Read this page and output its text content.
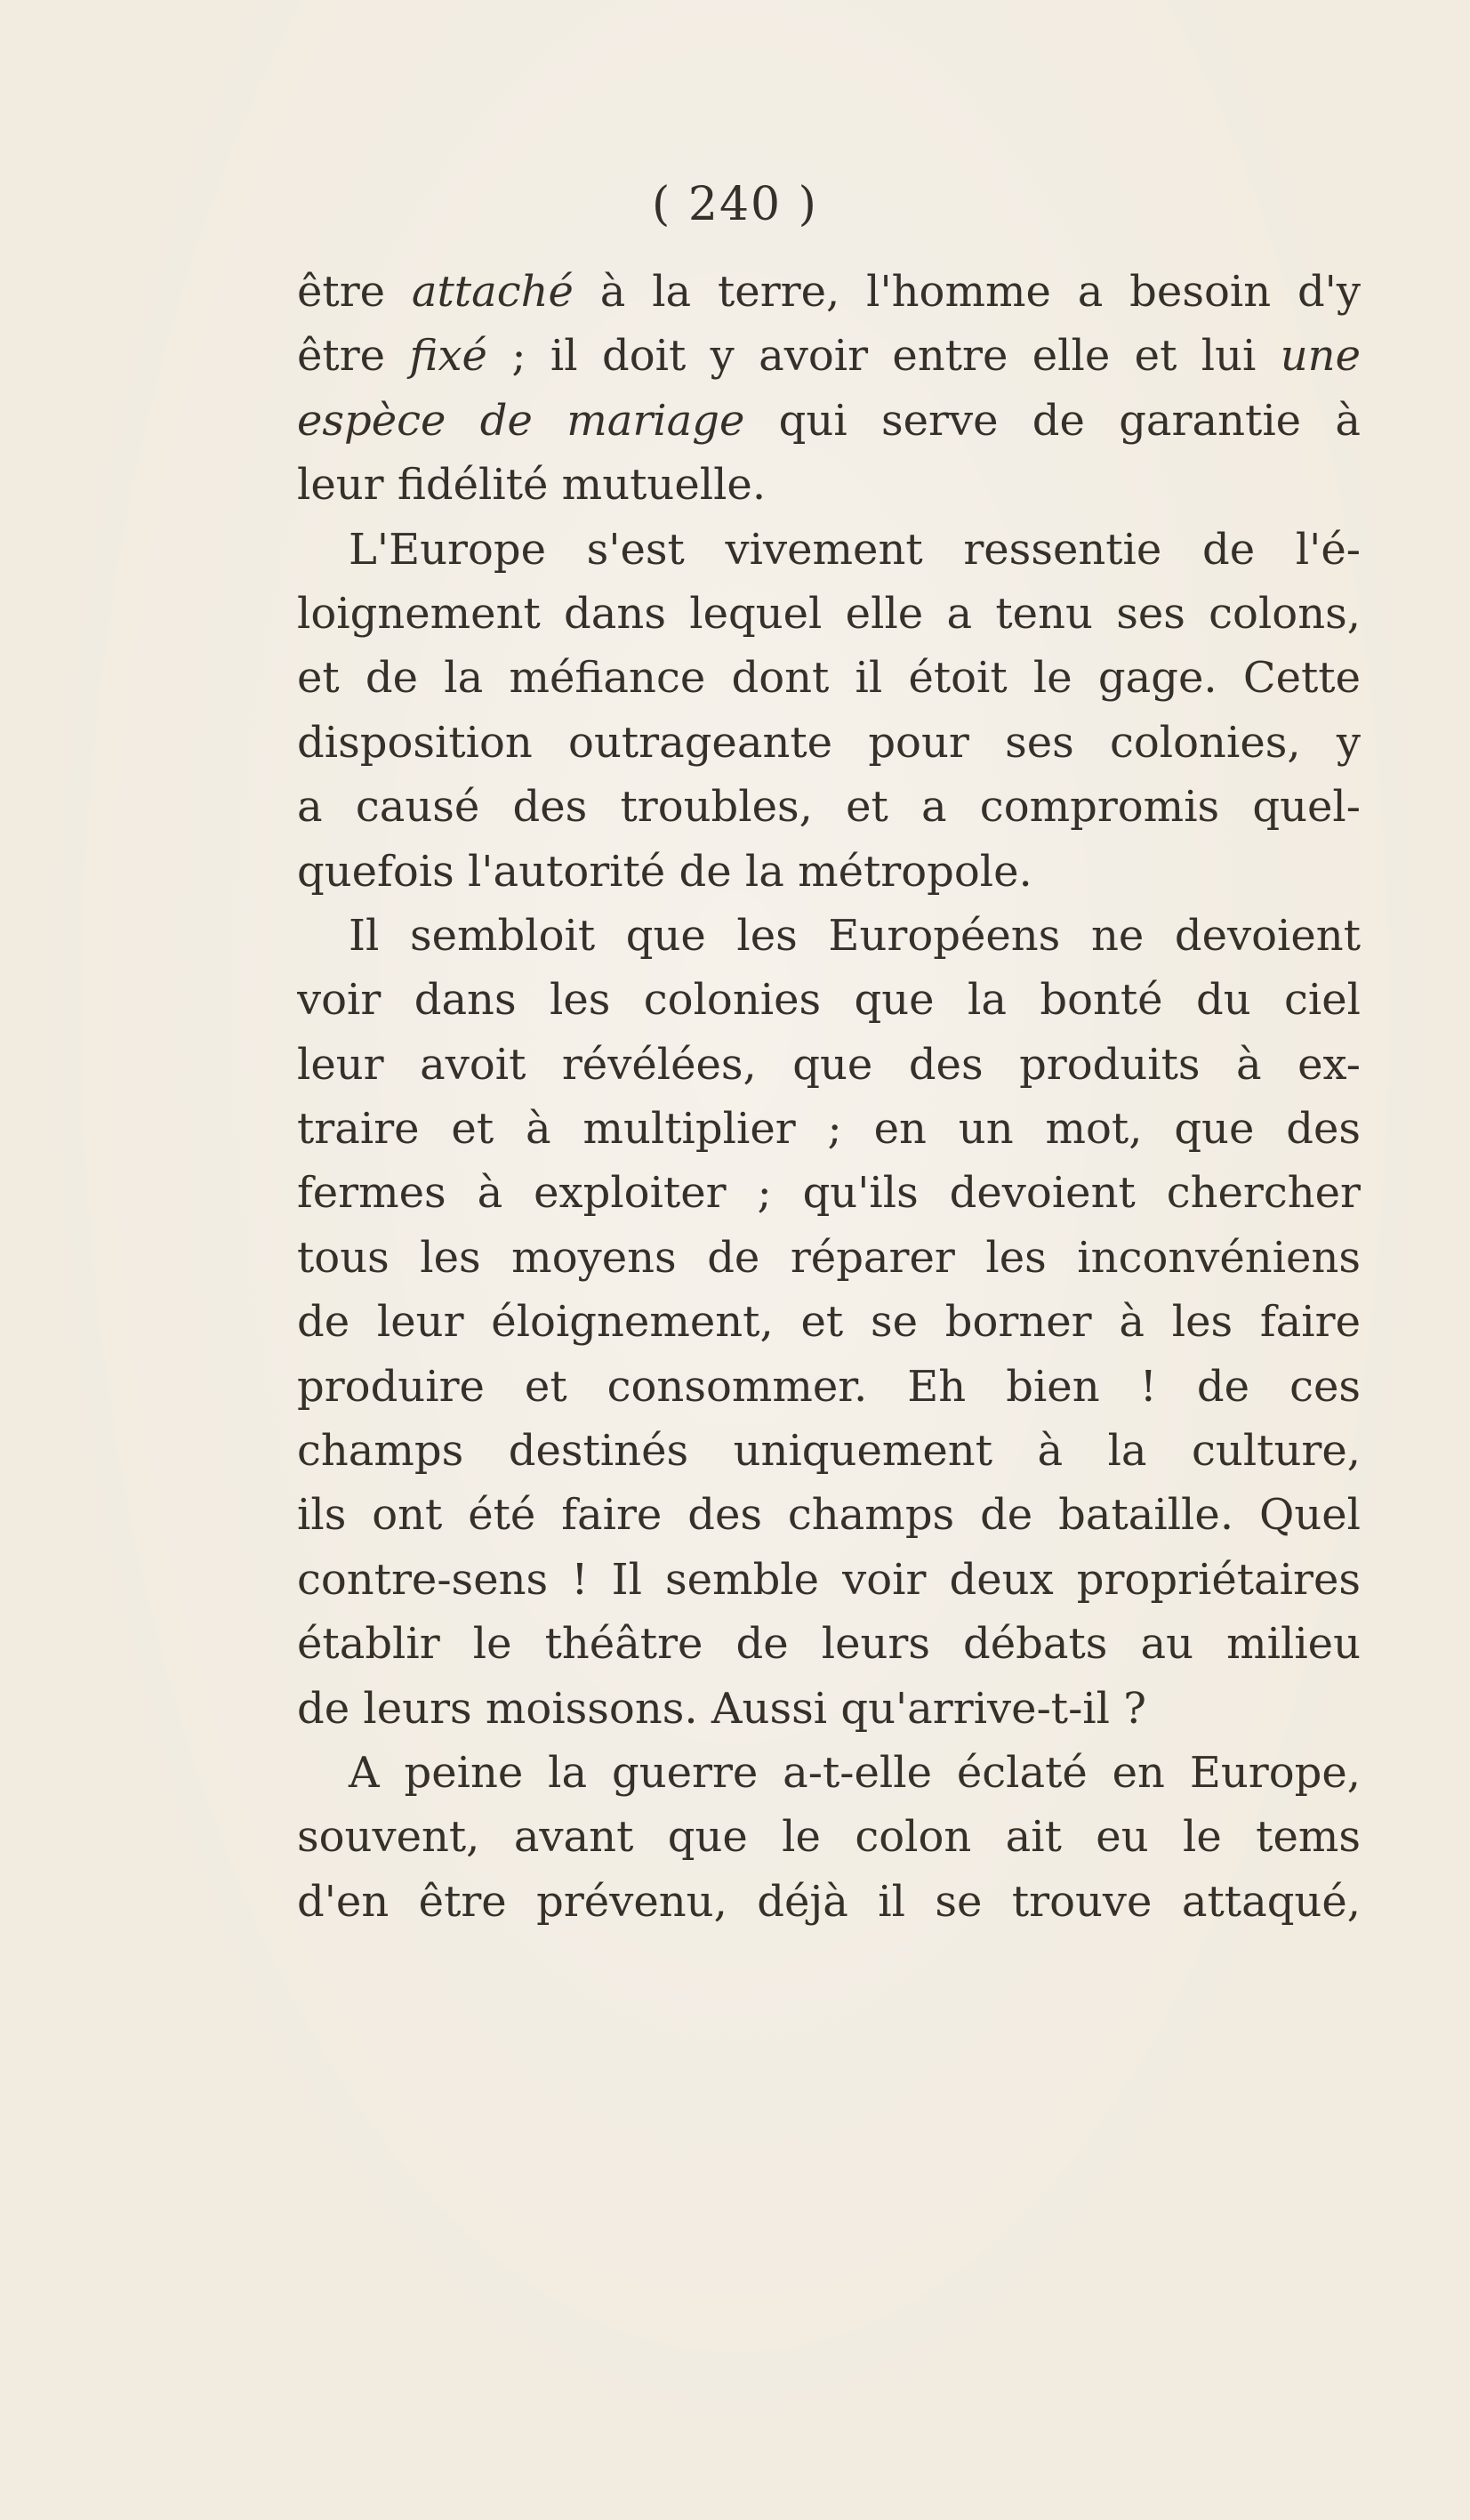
( 240 )
être attaché à la terre, l'homme a besoin d'y
être fixé ; il doit y avoir entre elle et lui une
espèce de mariage qui serve de garantie à
leur fidélité mutuelle.
L'Europe s'est vivement ressentie de l'é-
loignement dans lequel elle a tenu ses colons,
et de la méfiance dont il étoit le gage. Cette
disposition outrageante pour ses colonies, y
a causé des troubles, et a compromis quel-
quefois l'autorité de la métropole.
Il sembloit que les Européens ne devoient
voir dans les colonies que la bonté du ciel
leur avoit révélées, que des produits à ex-
traire et à multiplier ; en un mot, que des
fermes à exploiter ; qu'ils devoient chercher
tous les moyens de réparer les inconvéniens
de leur éloignement, et se borner à les faire
produire et consommer. Eh bien ! de ces
champs destinés uniquement à la culture,
ils ont été faire des champs de bataille. Quel
contre-sens ! Il semble voir deux propriétaires
établir le théâtre de leurs débats au milieu
de leurs moissons. Aussi qu'arrive-t-il ?
A peine la guerre a-t-elle éclaté en Europe,
souvent, avant que le colon ait eu le tems
d'en être prévenu, déjà il se trouve attaqué,
